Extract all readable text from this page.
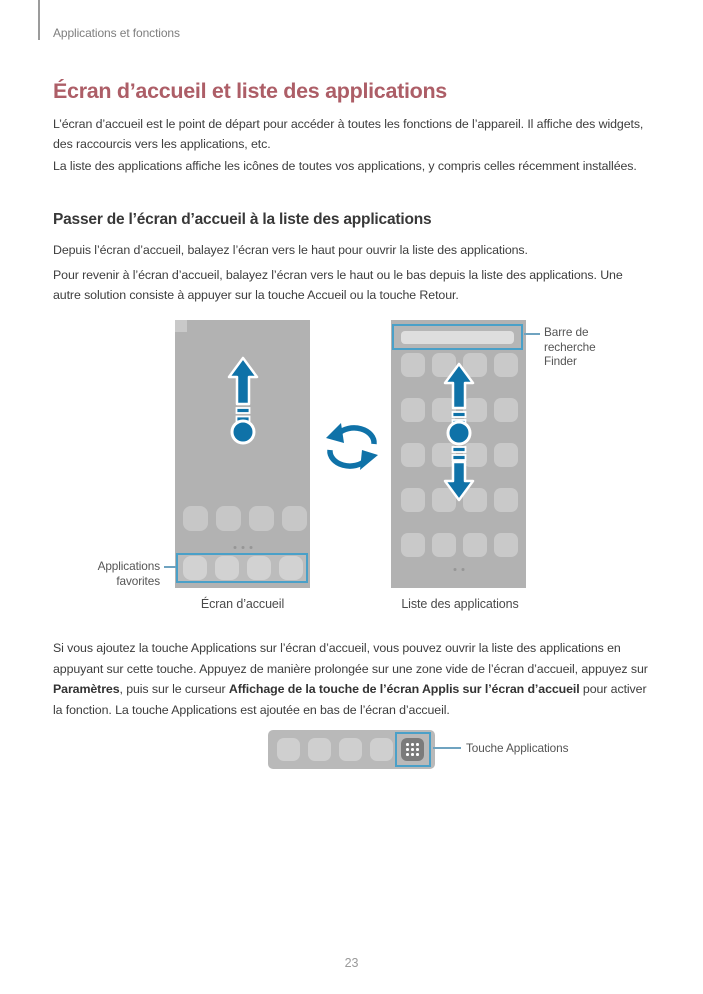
Applications et fonctions
Écran d’accueil et liste des applications

L’écran d’accueil est le point de départ pour accéder à toutes les fonctions de l’appareil. Il affiche des widgets, des raccourcis vers les applications, etc.

La liste des applications affiche les icônes de toutes vos applications, y compris celles récemment installées.

Passer de l’écran d’accueil à la liste des applications

Depuis l’écran d’accueil, balayez l’écran vers le haut pour ouvrir la liste des applications.

Pour revenir à l’écran d’accueil, balayez l’écran vers le haut ou le bas depuis la liste des applications. Une autre solution consiste à appuyer sur la touche Accueil ou la touche Retour.

Barre de recherche Finder
Applications favorites
Écran d’accueil	Liste des applications

Si vous ajoutez la touche Applications sur l’écran d’accueil, vous pouvez ouvrir la liste des applications en appuyant sur cette touche. Appuyez de manière prolongée sur une zone vide de l’écran d’accueil, appuyez sur Paramètres, puis sur le curseur Affichage de la touche de l’écran Applis sur l’écran d’accueil pour activer la fonction. La touche Applications est ajoutée en bas de l’écran d’accueil.

Touche Applications
23
